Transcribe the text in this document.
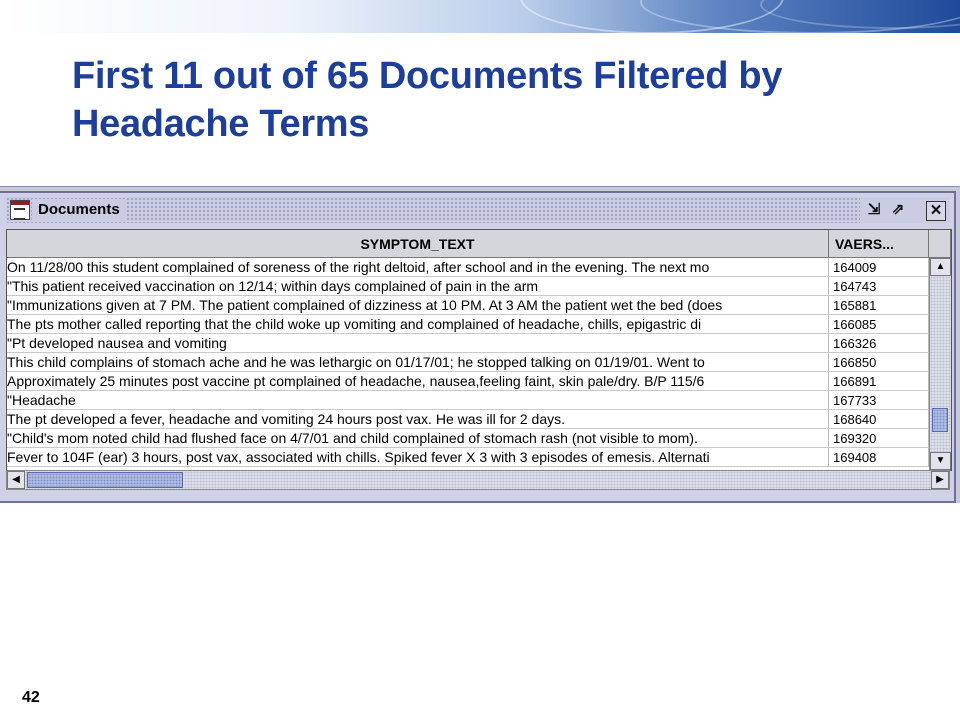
First 11 out of 65 Documents Filtered by Headache Terms
Documents	⇲ ⇗ ✕
SYMPTOM_TEXT	VAERS...
On 11/28/00 this student complained of soreness of the right deltoid, after school and in the evening. The next mo	164009
"This patient received vaccination on 12/14; within days complained of pain in the arm	164743
"Immunizations given at 7 PM. The patient complained of dizziness at 10 PM. At 3 AM the patient wet the bed (does	165881
The pts mother called reporting that the child woke up vomiting and complained of headache, chills, epigastric di	166085
"Pt developed nausea and vomiting	166326
This child complains of stomach ache and he was lethargic on 01/17/01; he stopped talking on 01/19/01. Went to	166850
Approximately 25 minutes post vaccine pt complained of headache, nausea,feeling faint, skin pale/dry. B/P 115/6	166891
"Headache	167733
The pt developed a fever, headache and vomiting 24 hours post vax. He was ill for 2 days.	168640
"Child's mom noted child had flushed face on 4/7/01 and child complained of stomach rash (not visible to mom).	169320
Fever to 104F (ear) 3 hours, post vax, associated with chills. Spiked fever X 3 with 3 episodes of emesis. Alternati	169408
▲
▼
◀	▶
42
